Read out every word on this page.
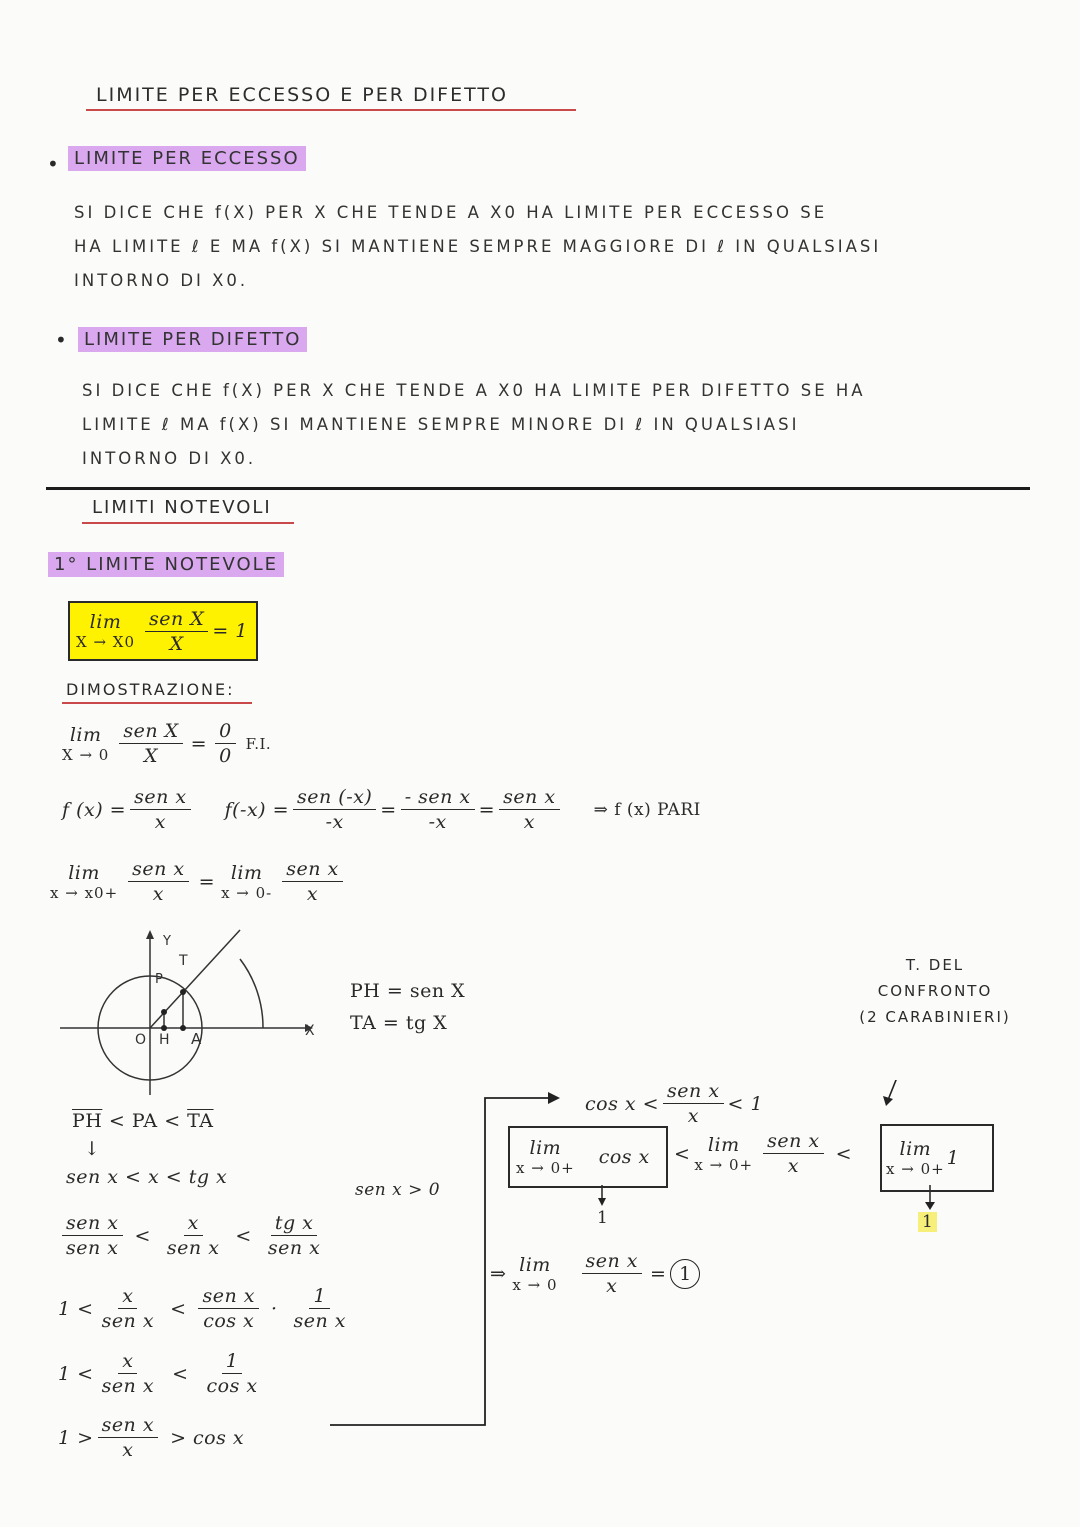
LIMITE PER ECCESSO E PER DIFETTO
• LIMITE PER ECCESSO
SI DICE CHE f(X) PER X CHE TENDE A X0 HA LIMITE PER ECCESSO SE
HA LIMITE ℓ E MA f(X) SI MANTIENE SEMPRE MAGGIORE DI ℓ IN QUALSIASI
INTORNO DI X0.
• LIMITE PER DIFETTO
SI DICE CHE f(X) PER X CHE TENDE A X0 HA LIMITE PER DIFETTO SE HA
LIMITE ℓ MA f(X) SI MANTIENE SEMPRE MINORE DI ℓ IN QUALSIASI
INTORNO DI X0.
LIMITI NOTEVOLI
1° LIMITE NOTEVOLE
lim
$X \to X0 \frac{\text{sen X}}{X} = 1$
DIMOSTRAZIONE:
lim
$X \to 0 \frac{\text{sen X}}{X} = \frac{0}{0} F.I$.
f $(x) = \frac{\text{sen x}}{x} f(-x) = \frac{\text{sen (-x)}}{-x} = \frac{\text{- sen x}}{-x} = \frac{\text{sen x}}{x}$ ⇒ f (x) PARI
lim
$x \to x0+ \frac{\text{sen x}}{x} = \lim$
$x \to 0- \frac{\text{sen x}}{x}$
Y
T
P
O H A	X
PH = sen X
TA = tg X
$\overline{PH}$ < PA < $\overline{TA}$
↓
sen x < x < tg x
sen x > 0
$\frac{\text{sen x}}{\text{sen x}} < \frac{x}{\text{sen x}} < \frac{\text{tg x}}{\text{sen x}}$
$1 < \frac{x}{\text{sen x}} < \frac{\text{sen x}}{\text{cos x}} \cdot \frac{1}{\text{sen x}}$
$1 < \frac{x}{\text{sen x}} < \frac{1}{\text{cos x}}$
$1 > \frac{\text{sen x}}{x} > \cos x$
$\cos x < \frac{\text{sen x}}{x} < 1$
lim
x → 0+ cos x < lim
$x \to 0+ \frac{\text{sen x}}{x} < \lim$
x → 0+ 1
1	1
⇒ lim
$x \to 0 \frac{\text{sen x}}{x} = 1$
T. DEL
CONFRONTO
(2 CARABINIERI)
